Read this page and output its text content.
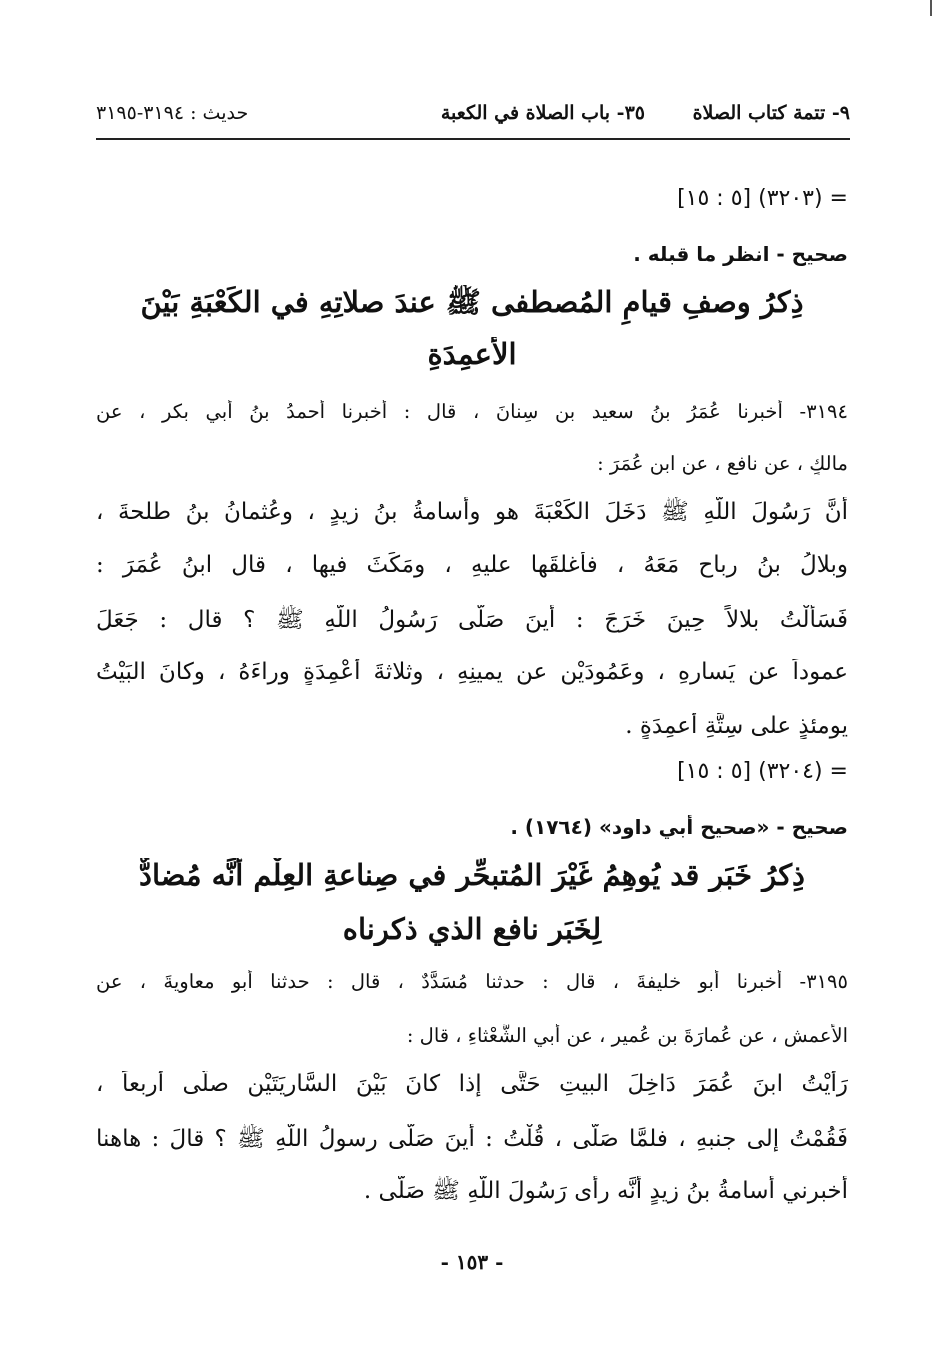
٩- تتمة كتاب الصلاة
٣٥- باب الصلاة في الكعبة
حديث : ٣١٩٤-٣١٩٥
= (٣٢٠٣) [٥ : ١٥]
صحيح - انظر ما قبله .
ذِكرُ وصفِ قيامِ المُصطفى ﷺ عندَ صلاتِهِ في الكَعْبَةِ بَيْنَ
الأعمِدَةِ
٣١٩٤- أخبرنا عُمَرُ بنُ سعيد بن سِنانَ ، قال : أخبرنا أحمدُ بنُ أبي بكرٍ ، عن
مالكٍ ، عن نافعٍ ، عن ابنِ عُمَرَ :
أنَّ رَسُولَ اللَّهِ ﷺ دَخَلَ الكَعْبَةَ هو وأُسامةُ بنُ زيدٍ ، وعُثمانُ بنُ طلحةَ ،
وبلالُ بنُ رباحٍ مَعَهُ ، فأغلقَها عليهِ ، ومَكَثَ فيها ، قال ابنُ عُمَرَ :
فَسَأَلْتُ بلالاً حِينَ خَرَجَ : أينَ صَلَّى رَسُولُ اللَّهِ ﷺ ؟ قال : جَعَلَ
عموداً عن يَسارِهِ ، وعَمُودَيْنِ عن يمينِهِ ، وثلاثةَ أَعْمِدَةٍ وراءَهُ ، وكانَ البَيْتُ
يومئذٍ على سِتَّةِ أعمِدَةٍ .
= (٣٢٠٤) [٥ : ١٥]
صحيح - «صحيح أبي داود» (١٧٦٤) .
ذِكرُ خَبَرٍ قد يُوهِمُ غَيْرَ المُتبحِّرِ في صِناعةِ العِلْمِ أنَّه مُضادٌّ
لِخَبَرِ نافعٍ الذي ذكرناه
٣١٩٥- أخبرنا أبو خليفةَ ، قال : حدثنا مُسَدَّدٌ ، قال : حدثنا أبو معاويةَ ، عن
الأعمش ، عن عُمارَةَ بن عُمير ، عن أبي الشَّعْثاءِ ، قال :
رَأَيْتُ ابنَ عُمَرَ دَاخِلَ البيتِ حَتَّى إذا كانَ بَيْنَ السَّارِيَتَيْنِ صلَّى أربعاً ،
فَقُمْتُ إلى جنبهِ ، فلمَّا صَلَّى ، قُلْتُ : أينَ صَلَّى رسولُ اللَّهِ ﷺ ؟ قالَ : هاهنا
أخبرني أُسامةُ بنُ زيدٍ أنَّه رأى رَسُولَ اللَّهِ ﷺ صَلَّى .
- ١٥٣ -
